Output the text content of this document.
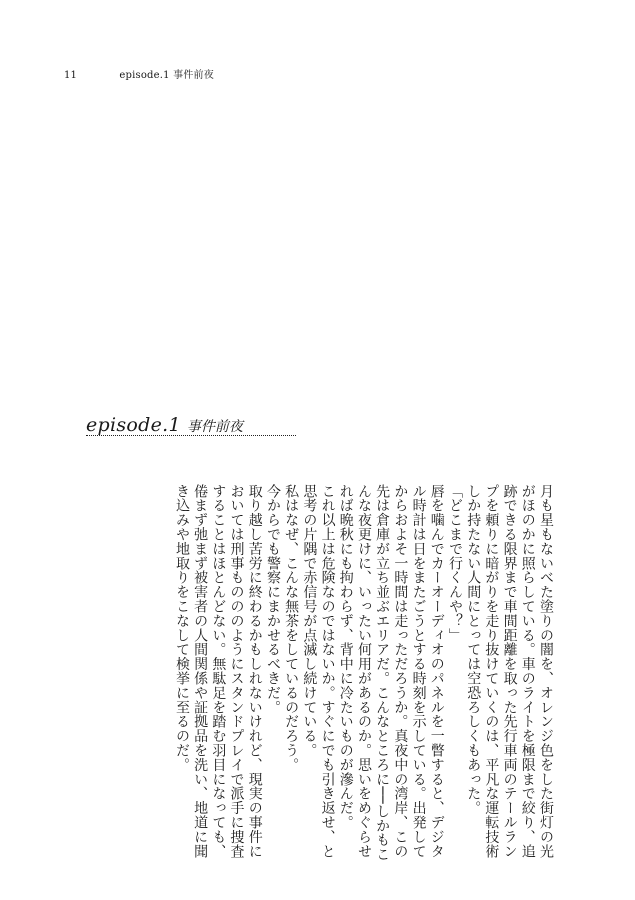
11	episode.1 事件前夜
episode.1 事件前夜

月も星もないべた塗りの闇を、オレンジ色をした街灯の光がほのかに照らしている。車のライトを極限まで絞り、追跡できる限界まで車間距離を取った先行車両のテールランプを頼りに暗がりを走り抜けていくのは、平凡な運転技術しか持たない人間にとっては空恐ろしくもあった。

「どこまで行くんや？」

唇を噛んでカーオーディオのパネルを一瞥すると、デジタル時計は日をまたごうとする時刻を示している。出発してからおよそ一時間は走っただろうか。真夜中の湾岸、この先は倉庫が立ち並ぶエリアだ。こんなところに──しかもこんな夜更けに、いったい何用があるのか。思いをめぐらせれば晩秋にも拘わらず、背中に冷たいものが滲んだ。

これ以上は危険なのではないか。すぐにでも引き返せ、と思考の片隅で赤信号が点滅し続けている。

私はなぜ、こんな無茶をしているのだろう。

今からでも警察にまかせるべきだ。

取り越し苦労に終わるかもしれないけれど、現実の事件においては刑事ものののようにスタンドプレイで派手に捜査することはほとんどない。無駄足を踏む羽目になっても、倦まず弛まず被害者の人間関係や証拠品を洗い、地道に聞き込みや地取りをこなして検挙に至るのだ。
